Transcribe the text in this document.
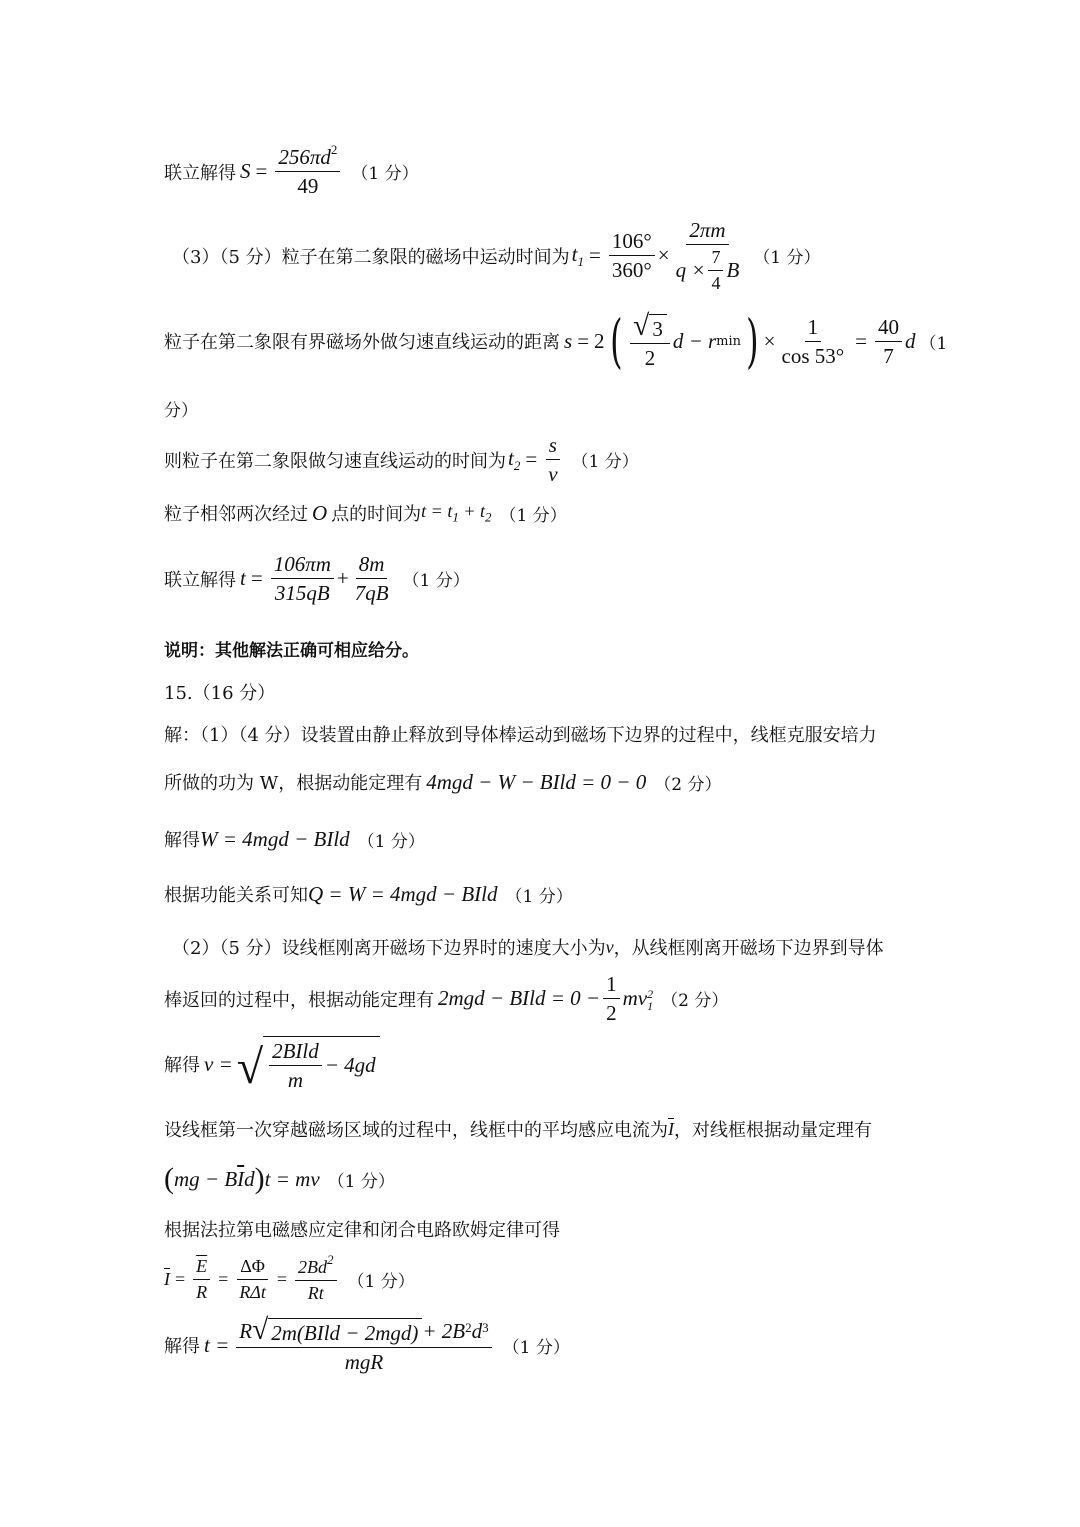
联立解得 $S = \frac{256\pi d^2}{49} (1$ 分）
（3）（5 分）粒子在第二象限的磁场中运动时间为 $t_1 = \frac{106^\circ}{360^\circ} \times \frac{2\pi m}{q \times \frac{7}{4} B} (1$ 分）
粒子在第二象限有界磁场外做匀速直线运动的距离 s = 2 ( $\frac{√ 3}{2}$ d − r min ) × $\frac{1}{\cos 53^\circ} = \frac{40}{7}$ d （1
分）
则粒子在第二象限做匀速直线运动的时间为 $t_2 = \frac{s}{v} (1$ 分）
粒子相邻两次经过 O 点的时间为 $t = t_1 + t_2$ （1 分）
联立解得 $t = \frac{106\pi m}{315qB} + \frac{8m}{7qB} (1$ 分）
说明：其他解法正确可相应给分。
15.（16 分）
解：（1）（4 分）设装置由静止释放到导体棒运动到磁场下边界的过程中，线框克服安培力
所做的功为 W，根据动能定理有 4mgd − W − BIld = 0 − 0 （2 分）
解得 W = 4mgd − BIld （1 分）
根据功能关系可知 Q = W = 4mgd − BIld （1 分）
（2）（5 分）设线框刚离开磁场下边界时的速度大小为 v ，从线框刚离开磁场下边界到导体
棒返回的过程中，根据动能定理有 2mgd − BIld = $0 - \frac{1}{2}$ mv 2
1 （2 分）
解得 v = √ $\frac{\text{2BIld}}{m} - 4gd$
设线框第一次穿越磁场区域的过程中，线框中的平均感应电流为 $\overline{I}$ ，对线框根据动量定理有
( mg − B $\overline{I}$ d ) t = mv （1 分）
根据法拉第电磁感应定律和闭合电路欧姆定律可得
$\overline{I} = \frac{\overline{E}}{R} = \frac{\Delta\Phi}{\text{RΔt}} = \frac{2Bd^2}{Rt} (1$ 分）
解得 $t = \frac{\text{R √ 2m(BIld − 2mgd) + 2B 2 d 3}}{\text{mgR}} (1$ 分）
